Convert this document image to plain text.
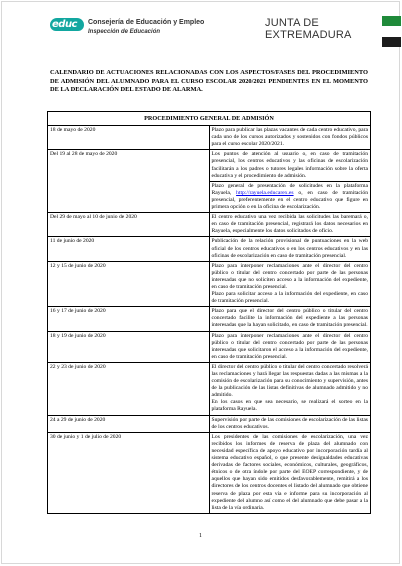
educ Consejería de Educación y Empleo
Inspección de Educación
JUNTA DE EXTREMADURA
CALENDARIO DE ACTUACIONES RELACIONADAS CON LOS ASPECTOS/FASES DEL PROCEDIMIENTO DE ADMISIÓN DEL ALUMNADO PARA EL CURSO ESCOLAR 2020/2021 PENDIENTES EN EL MOMENTO DE LA DECLARACIÓN DEL ESTADO DE ALARMA.
PROCEDIMIENTO GENERAL DE ADMISIÓN	
18 de mayo de 2020	Plazo para publicar las plazas vacantes de cada centro educativo, para cada uno de los cursos autorizados y sostenidos con fondos públicos para el curso escolar 2020/2021.

Del 19 al 28 de mayo de 2020	Los puntos de atención al usuario o, en caso de tramitación presencial, los centros educativos y las oficinas de escolarización facilitarán a los padres o tutores legales información sobre la oferta educativa y el procedimiento de admisión.

	Plazo general de presentación de solicitudes en la plataforma Rayuela, http://rayuela.educarex.es o, en caso de tramitación presencial, preferentemente en el centro educativo que figure en primera opción o en la oficina de escolarización.

Del 29 de mayo al 10 de junio de 2020	El centro educativo una vez recibida las solicitudes las baremará o, en caso de tramitación presencial, registrará los datos necesarios en Rayuela, especialmente los datos solicitados de oficio.

11 de junio de 2020	Publicación de la relación provisional de puntuaciones en la web oficial de los centros educativos o en los centros educativos y en las oficinas de escolarización en caso de tramitación presencial.

12 y 15 de junio de 2020	Plazo para interponer reclamaciones ante el director del centro público o titular del centro concertado por parte de las personas interesadas que no soliciten acceso a la información del expediente, en caso de tramitación presencial.

Plazo para solicitar acceso a la información del expediente, en caso de tramitación presencial.

16 y 17 de junio de 2020	Plazo para que el director del centro público o titular del centro concertado facilite la información del expediente a las personas interesadas que la hayan solicitado, en caso de tramitación presencial.

18 y 19 de junio de 2020	Plazo para interponer reclamaciones ante el director del centro público o titular del centro concertado por parte de las personas interesadas que solicitaron el acceso a la información del expediente, en caso de tramitación presencial.

22 y 23 de junio de 2020	El director del centro público o titular del centro concertado resolverá las reclamaciones y hará llegar las respuestas dadas a las mismas a la comisión de escolarización para su conocimiento y supervisión, antes de la publicación de las listas definitivas de alumnado admitido y no admitido.

En los casos en que sea necesario, se realizará el sorteo en la plataforma Rayuela.

24 a 29 de junio de 2020	Supervisión por parte de las comisiones de escolarización de las listas de los centros educativos.

30 de junio y 1 de julio de 2020	Los presidentes de las comisiones de escolarización, una vez recibidos los informes de reserva de plaza del alumnado con necesidad específica de apoyo educativo por incorporación tardía al sistema educativo español, o que presente desigualdades educativas derivadas de factores sociales, económicos, culturales, geográficos, étnicos o de otra índole por parte del EOEP correspondiente, y de aquellos que hayan sido emitidos desfavorablemente, remitirá a los directores de los centros docentes el listado del alumnado que obtiene reserva de plaza por esta vía e informe para su incorporación al expediente del alumno así como el del alumnado que debe pasar a la lista de la vía ordinaria.

1
